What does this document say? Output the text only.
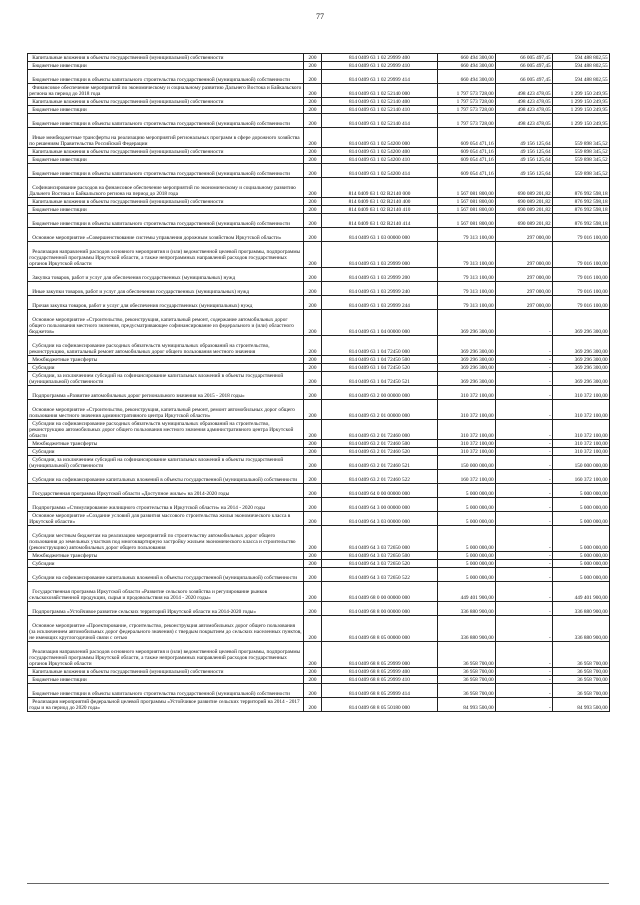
77
Капитальные вложения в объекты государственной (муниципальной) собственности	200	814 0409 63 1 02 29999 400	660 494 300,00	66 005 497,45	594 488 802,55
Бюджетные инвестиции	200	814 0409 63 1 02 29999 410	660 494 300,00	66 005 497,45	594 488 802,55
Бюджетные инвестиции в объекты капитального строительства государственной (муниципальной) собственности	200	814 0409 63 1 02 29999 414	660 494 300,00	66 005 497,45	594 488 802,55
Финансовое обеспечение мероприятий по экономическому и социальному развитию Дальнего Востока и Байкальского региона на период до 2018 года	200	814 0409 63 1 02 52140 000	1 797 573 728,00	498 423 478,05	1 299 150 249,95
Капитальные вложения в объекты государственной (муниципальной) собственности	200	814 0409 63 1 02 52140 400	1 797 573 728,00	498 423 478,05	1 299 150 249,95
Бюджетные инвестиции	200	814 0409 63 1 02 52140 410	1 797 573 728,00	498 423 478,05	1 299 150 249,95
Бюджетные инвестиции в объекты капитального строительства государственной (муниципальной) собственности	200	814 0409 63 1 02 52140 414	1 797 573 728,00	498 423 478,05	1 299 150 249,95
Иные межбюджетные трансферты на реализацию мероприятий региональных программ в сфере дорожного хозяйства по решениям Правительства Российской Федерации	200	814 0409 63 1 02 54200 000	609 054 471,16	49 156 125,64	559 898 345,52
Капитальные вложения в объекты государственной (муниципальной) собственности	200	814 0409 63 1 02 54200 400	609 054 471,16	49 156 125,64	559 898 345,52
Бюджетные инвестиции	200	814 0409 63 1 02 54200 410	609 054 471,16	49 156 125,64	559 898 345,52
Бюджетные инвестиции в объекты капитального строительства государственной (муниципальной) собственности	200	814 0409 63 1 02 54200 414	609 054 471,16	49 156 125,64	559 898 345,52
Софинансирование расходов на финансовое обеспечение мероприятий по экономическому и социальному развитию Дальнего Востока и Байкальского региона на период до 2018 года	200	814 0409 63 1 02 R2140 000	1 567 081 800,00	690 089 201,82	876 992 598,18
Капитальные вложения в объекты государственной (муниципальной) собственности	200	814 0409 63 1 02 R2140 400	1 567 081 800,00	690 089 201,82	876 992 598,18
Бюджетные инвестиции	200	814 0409 63 1 02 R2140 410	1 567 081 800,00	690 089 201,82	876 992 598,18
Бюджетные инвестиции в объекты капитального строительства государственной (муниципальной) собственности	200	814 0409 63 1 02 R2140 414	1 567 081 800,00	690 089 201,82	876 992 598,18
Основное мероприятие «Совершенствование системы управления дорожным хозяйством Иркутской области»	200	814 0409 63 1 03 00000 000	79 313 100,00	297 000,00	79 016 100,00
Реализация направлений расходов основного мероприятия и (или) ведомственной целевой программы, подпрограммы государственной программы Иркутской области, а также непрограммных направлений расходов государственных органов Иркутской области	200	814 0409 63 1 03 29999 000	79 313 100,00	297 000,00	79 016 100,00
Закупка товаров, работ и услуг для обеспечения государственных (муниципальных) нужд	200	814 0409 63 1 03 29999 200	79 313 100,00	297 000,00	79 016 100,00
Иные закупки товаров, работ и услуг для обеспечения государственных (муниципальных) нужд	200	814 0409 63 1 03 29999 240	79 313 100,00	297 000,00	79 016 100,00
Прочая закупка товаров, работ и услуг для обеспечения государственных (муниципальных) нужд	200	814 0409 63 1 03 29999 244	79 313 100,00	297 000,00	79 016 100,00
Основное мероприятие «Строительство, реконструкция, капитальный ремонт, содержание автомобильных дорог общего пользования местного значения, предусматривающее софинансирование из федерального и (или) областного бюджетов»	200	814 0409 63 1 04 00000 000	369 296 300,00	-	369 296 300,00
Субсидии на софинансирование расходных обязательств муниципальных образований на строительство, реконструкцию, капитальный ремонт автомобильных дорог общего пользования местного значения	200	814 0409 63 1 04 72450 000	369 296 300,00	-	369 296 300,00
Межбюджетные трансферты	200	814 0409 63 1 04 72450 500	369 296 300,00	-	369 296 300,00
Субсидии	200	814 0409 63 1 04 72450 520	369 296 300,00	-	369 296 300,00
Субсидии, за исключением субсидий на софинансирование капитальных вложений в объекты государственной (муниципальной) собственности	200	814 0409 63 1 04 72450 521	369 296 300,00	-	369 296 300,00
Подпрограмма «Развитие автомобильных дорог регионального значения на 2015 - 2018 годы»	200	814 0409 63 2 00 00000 000	310 372 100,00	-	310 372 100,00
Основное мероприятие «Строительство, реконструкция, капитальный ремонт, ремонт автомобильных дорог общего пользования местного значения административного центра Иркутской области»	200	814 0409 63 2 01 00000 000	310 372 100,00	-	310 372 100,00
Субсидии на софинансирование расходных обязательств муниципальных образований на строительство, реконструкцию автомобильных дорог общего пользования местного значения административного центра Иркутской области	200	814 0409 63 2 01 72460 000	310 372 100,00	-	310 372 100,00
Межбюджетные трансферты	200	814 0409 63 2 01 72460 500	310 372 100,00	-	310 372 100,00
Субсидии	200	814 0409 63 2 01 72460 520	310 372 100,00	-	310 372 100,00
Субсидии, за исключением субсидий на софинансирование капитальных вложений в объекты государственной (муниципальной) собственности	200	814 0409 63 2 01 72460 521	150 000 000,00	-	150 000 000,00
Субсидии на софинансирование капитальных вложений в объекты государственной (муниципальной) собственности	200	814 0409 63 2 01 72460 522	160 372 100,00	-	160 372 100,00
Государственная программа Иркутской области «Доступное жилье» на 2014-2020 годы	200	814 0409 64 0 00 00000 000	5 000 000,00	-	5 000 000,00
Подпрограмма «Стимулирование жилищного строительства в Иркутской области» на 2014 - 2020 годы	200	814 0409 64 3 00 00000 000	5 000 000,00	-	5 000 000,00
Основное мероприятие «Создание условий для развития массового строительства жилья экономического класса в Иркутской области»	200	814 0409 64 3 03 00000 000	5 000 000,00	-	5 000 000,00
Субсидии местным бюджетам на реализацию мероприятий по строительству автомобильных дорог общего пользования до земельных участков под многоквартирную застройку жильем экономического класса и строительство (реконструкцию) автомобильных дорог общего пользования	200	814 0409 64 3 03 72650 000	5 000 000,00	-	5 000 000,00
Межбюджетные трансферты	200	814 0409 64 3 03 72650 500	5 000 000,00	-	5 000 000,00
Субсидии	200	814 0409 64 3 03 72650 520	5 000 000,00	-	5 000 000,00
Субсидии на софинансирование капитальных вложений в объекты государственной (муниципальной) собственности	200	814 0409 64 3 03 72650 522	5 000 000,00	-	5 000 000,00
Государственная программа Иркутской области «Развитие сельского хозяйства и регулирование рынков сельскохозяйственной продукции, сырья и продовольствия на 2014 - 2020 годы»	200	814 0409 68 0 00 00000 000	449 401 900,00	-	449 401 900,00
Подпрограмма «Устойчивое развитие сельских территорий Иркутской области на 2014-2020 годы»	200	814 0409 68 8 00 00000 000	336 880 900,00	-	336 880 900,00
Основное мероприятие «Проектирование, строительство, реконструкция автомобильных дорог общего пользования (за исключением автомобильных дорог федерального значения) с твердым покрытием до сельских населенных пунктов, не имеющих круглогодичной связи с сетью	200	814 0409 68 8 05 00000 000	336 880 900,00	-	336 880 900,00
Реализация направлений расходов основного мероприятия и (или) ведомственной целевой программы, подпрограммы государственной программы Иркутской области, а также непрограммных направлений расходов государственных органов Иркутской области	200	814 0409 68 8 05 29999 000	36 958 700,00	-	36 958 700,00
Капитальные вложения в объекты государственной (муниципальной) собственности	200	814 0409 68 8 05 29999 400	36 958 700,00	-	36 958 700,00
Бюджетные инвестиции	200	814 0409 68 8 05 29999 410	36 958 700,00	-	36 958 700,00
Бюджетные инвестиции в объекты капитального строительства государственной (муниципальной) собственности	200	814 0409 68 8 05 29999 414	36 958 700,00	-	36 958 700,00
Реализация мероприятий федеральной целевой программы «Устойчивое развитие сельских территорий на 2014 - 2017 годы и на период до 2020 года»	200	814 0409 68 8 05 50180 000	84 993 500,00	-	84 993 500,00
